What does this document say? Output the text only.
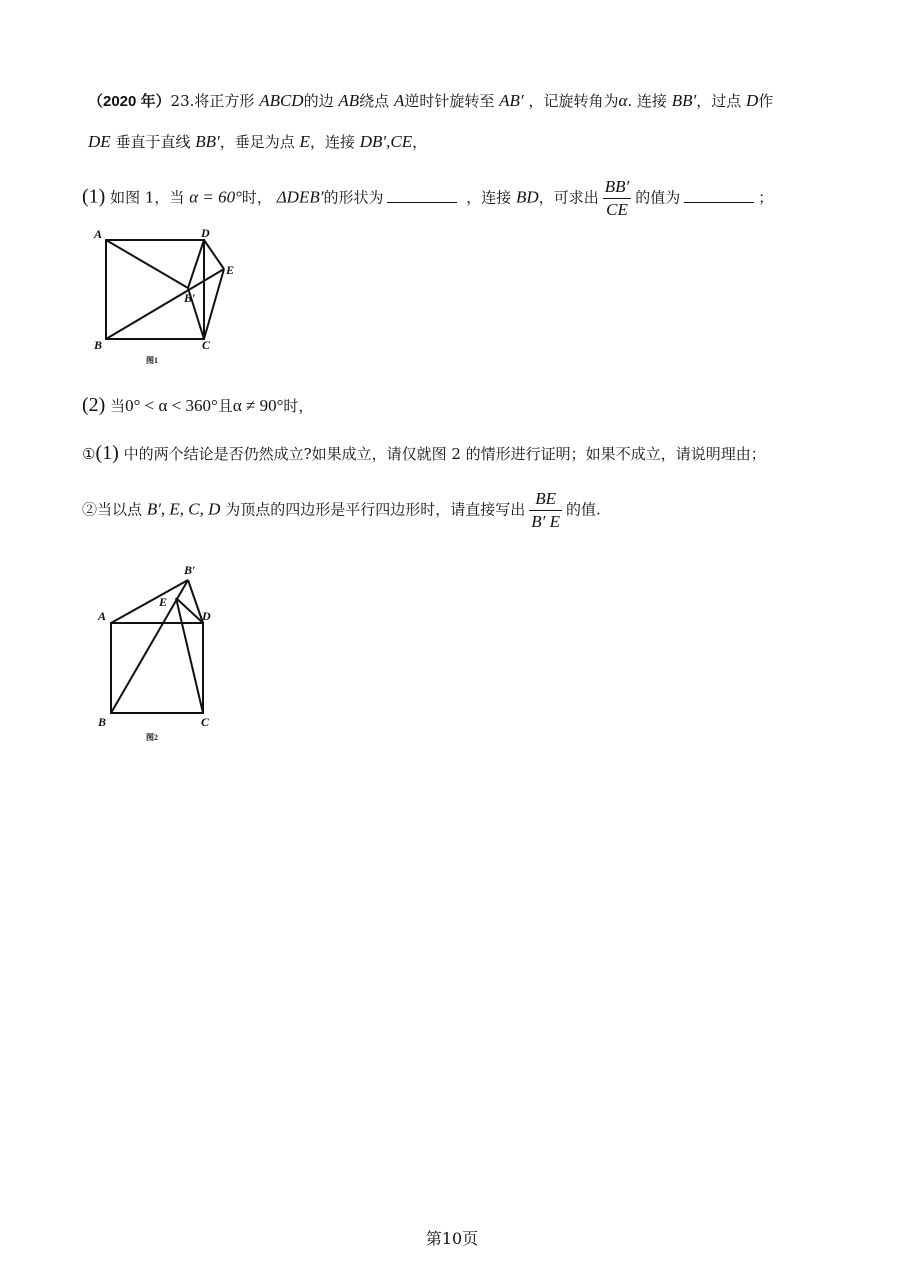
（2020 年）23.将正方形 ABCD的边 AB绕点 A逆时针旋转至 AB′ ，记旋转角为α. 连接 BB′，过点 D作
DE 垂直于直线 BB′，垂足为点 E，连接 DB′,CE，
(1) 如图 1，当 α = 60°时， ΔDEB′的形状为	，连接 BD，可求出 $\frac{BB'}{CE}$ 的值为	；
A	D
E
B′
B	C
图1
(2) 当0° < α < 360°且α ≠ 90°时，
①(1) 中的两个结论是否仍然成立?如果成立，请仅就图 2 的情形进行证明；如果不成立，请说明理由；
②当以点 B′, E, C, D 为顶点的四边形是平行四边形时，请直接写出 $\frac{BE}{B' E}$ 的值.
A	D
E
B′
B	C
图2
第10页
